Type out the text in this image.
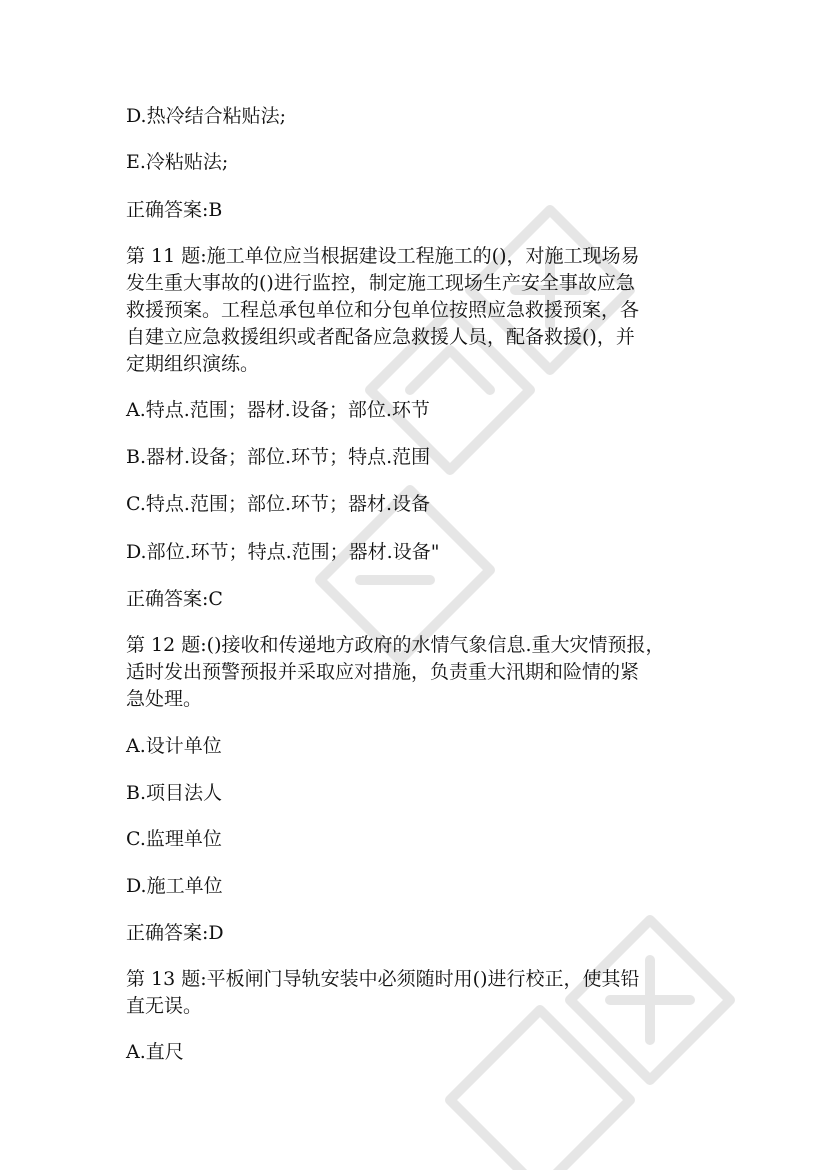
D.热冷结合粘贴法;
E.冷粘贴法;
正确答案:B
第 11 题:施工单位应当根据建设工程施工的()，对施工现场易
发生重大事故的()进行监控，制定施工现场生产安全事故应急
救援预案。工程总承包单位和分包单位按照应急救援预案，各
自建立应急救援组织或者配备应急救援人员，配备救援()，并
定期组织演练。
A.特点.范围；器材.设备；部位.环节
B.器材.设备；部位.环节；特点.范围
C.特点.范围；部位.环节；器材.设备
D.部位.环节；特点.范围；器材.设备"
正确答案:C
第 12 题:()接收和传递地方政府的水情气象信息.重大灾情预报，
适时发出预警预报并采取应对措施，负责重大汛期和险情的紧
急处理。
A.设计单位
B.项目法人
C.监理单位
D.施工单位
正确答案:D
第 13 题:平板闸门导轨安装中必须随时用()进行校正，使其铅
直无误。
A.直尺
